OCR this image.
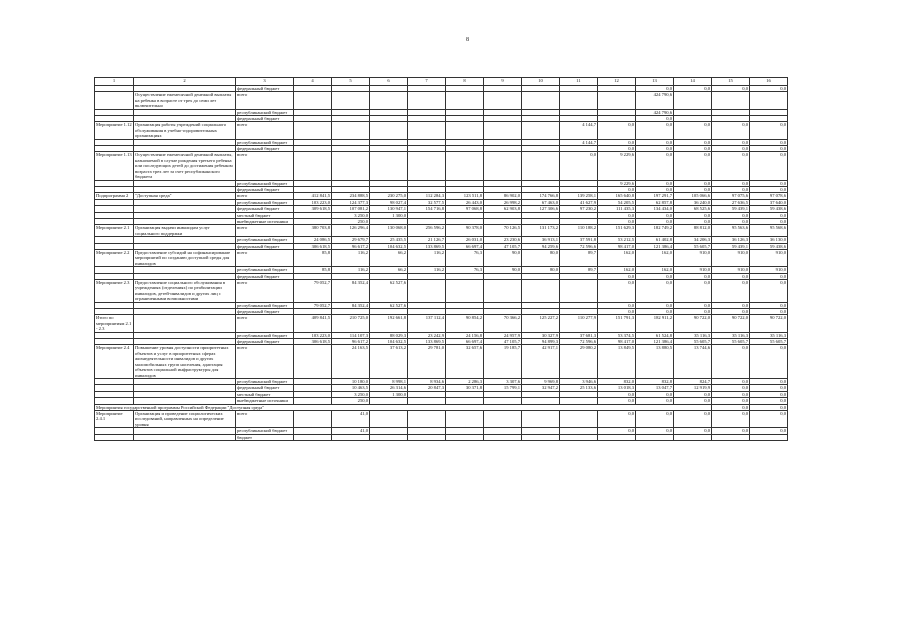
8
1	2	3	4	5	6	7	8	9	10	11	12	13	14	15	16
		федеральный бюджет										0,0	0,0	0,0	0,0
	Осуществление ежемесячной денежной выплаты на ребенка в возрасте от трех до семи лет включительно	всего										424 790,6			
		республиканский бюджет										424 790,6			
		федеральный бюджет										0,0			
Мероприятие 1.12	Организация работы учреждений социального обслуживания в учебно-оздоровительных организациях	всего								4 144,7	0,0	0,0	0,0	0,0	0,0
		республиканский бюджет								4 144,7	0,0	0,0	0,0	0,0	0,0
		федеральный бюджет									0,0	0,0	0,0	0,0	0,0
Мероприятие 1.13	Осуществление ежемесячной денежной выплаты, назначаемой в случае рождения третьего ребенка или последующих детей до достижения ребенком возраста трех лет за счет республиканского бюджета	всего								0,0	9 229,6	0,0	0,0	0,0	0,0
		республиканский бюджет									9 229,6	0,0	0,0	0,0	0,0
		федеральный бюджет									0,0	0,0	0,0	0,0	0,0
Подпрограмма 2	"Доступная среда"	всего	412 841,5	234 888,5	230 275,0	112 284,3	123 511,8	86 902,0	174 766,8	139 258,1	165 640,8	197 291,7	105 066,6	97 075,6	97 078,6
		республиканский бюджет	103 223,0	124 377,3	98 027,4	32 577,5	26 443,0	26 998,2	67 463,0	41 627,9	54 205,5	62 857,8	36 240,0	27 636,5	37 640,0
		федеральный бюджет	309 618,5	107 081,2	130 947,1	154 716,8	97 068,8	62 903,8	127 306,6	97 230,2	111 435,3	134 434,0	68 525,6	59 439,1	59 438,6
		местный бюджет		3 250,0	1 300,0						0,0	0,0	0,0	0,0	0,0
		внебюджетные источники		250,0							0,0	0,0	0,0	0,0	0,0
Мероприятие 2.1	Организация выдачи инвалидам услуг социального поддержки	всего	380 703,8	126 296,4	130 068,0	256 596,2	90 378,0	70 126,5	131 173,2	110 188,2	151 629,3	182 749,2	88 812,0	95 563,6	95 568,6
		республиканский бюджет	24 086,5	29 679,7	25 435,5	21 126,7	26 031,0	23 230,6	36 913,1	37 591,8	53 212,5	61 402,8	34 206,3	36 126,3	36 130,0
		федеральный бюджет	306 618,5	96 617,2	104 632,5	133 869,5	66 697,4	47 105,7	94 259,6	72 596,6	98 417,0	121 386,4	55 605,7	59 439,1	59 438,6
Мероприятие 2.2	Предоставление субсидий на софинансирование мероприятий по созданию доступной среды для инвалидов	всего	85,8	116,2	66,2	116,2	76,3	90,0	80,0	89,7	162,0	162,0	910,0	910,0	910,0
		республиканский бюджет	85,8	116,2	66,2	116,2	76,3	90,0	80,0	89,7	162,0	162,0	910,0	910,0	910,0
		федеральный бюджет									0,0	0,0	0,0	0,0	0,0
Мероприятие 2.3	Предоставление социального обслуживания в учреждениях (отделениях) по реабилитации инвалидов, детей-инвалидов и других лиц с ограниченными возможностями	всего	79 052,7	84 352,4	62 527,6						0,0	0,0	0,0	0,0	0,0
		республиканский бюджет	79 052,7	84 352,4	62 527,6						0,0	0,0	0,0	0,0	0,0
		федеральный бюджет									0,0	0,0	0,0	0,0	0,0
Итого по мероприятиям 2.1 - 2.3		всего	409 841,5	210 725,0	192 661,8	137 112,4	90 854,2	70 366,2	125 227,2	110 277,9	151 791,3	182 911,2	90 722,0	90 722,0	90 722,0
		республиканский бюджет	103 223,0	114 107,3	88 029,3	23 242,9	24 156,8	24 957,9	30 327,9	37 681,3	53 374,5	61 524,8	35 116,3	35 116,3	35 116,3
		федеральный бюджет	306 618,5	96 617,2	104 632,5	133 869,5	66 697,4	47 105,7	94 899,3	72 596,6	98 417,0	121 386,4	55 605,7	55 605,7	55 605,7
Мероприятие 2.4	Повышение уровня доступности приоритетных объектов и услуг в приоритетных сферах жизнедеятельности инвалидов и других маломобильных групп населения, адаптация объектов социальной инфраструктуры для инвалидов	всего		24 163,5	37 613,2	29 781,0	32 657,6	19 185,7	42 917,1	29 080,2	13 849,5	13 880,5	13 744,6	0,0	0,0
		республиканский бюджет		10 180,0	8 998,1	8 934,6	2 286,3	3 307,6	9 969,8	3 946,6	832,0	832,8	824,7	0,0	0,0
		федеральный бюджет		10 463,5	26 314,6	20 847,3	30 371,8	15 799,1	32 947,2	25 133,6	13 018,3	13 047,7	12 919,9	0,0	0,0
		местный бюджет		3 250,0	1 300,0						0,0	0,0	0,0	0,0	0,0
		внебюджетные источники		250,0							0,0	0,0	0,0	0,0	0,0
Мероприятия государственной программы Российской Федерации "Доступная среда"														0,0	0,0
Мероприятие 2.4.1	Организация и проведение социологических исследований, направленных на определение уровня	всего		41,0							0,0	0,0	0,0	0,0	0,0
		республиканский бюджет		41,0							0,0	0,0	0,0	0,0	0,0
		бюджет													
